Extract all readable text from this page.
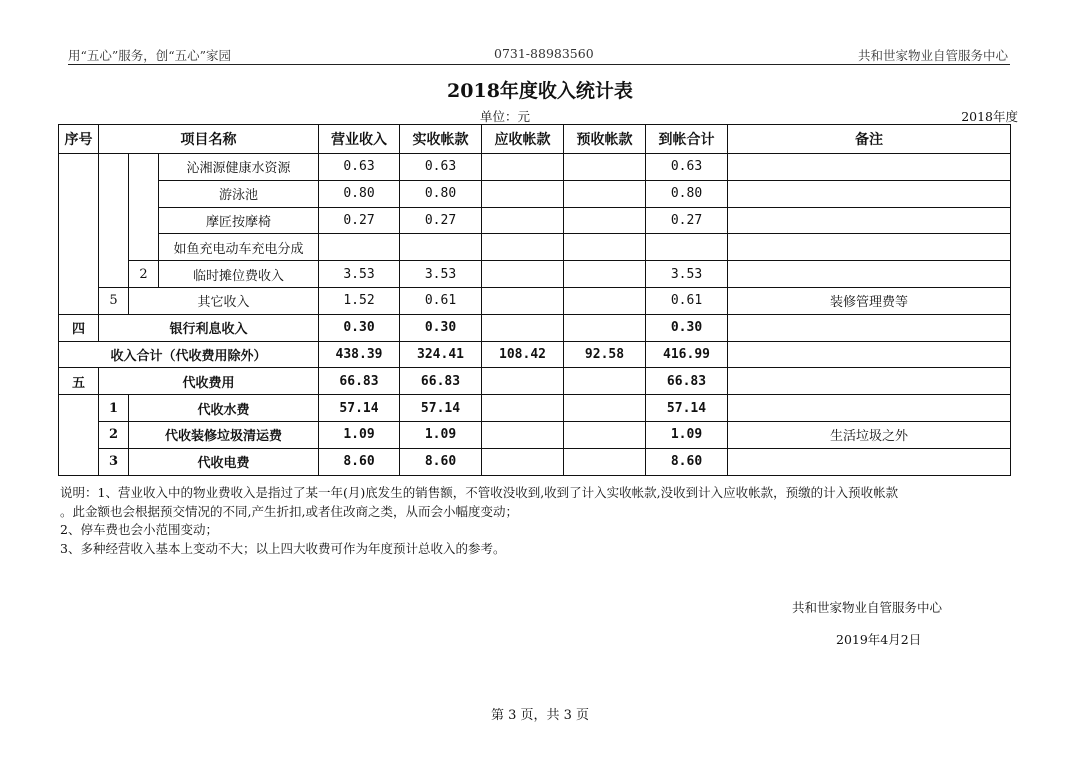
用“五心”服务，创“五心”家园	0731-88983560	共和世家物业自管服务中心
2018年度收入统计表
单位：元	2018年度
序号	项目名称			营业收入	实收帐款	应收帐款	预收帐款	到帐合计	备注
			沁湘源健康水资源	0.63	0.63			0.63	
			游泳池	0.80	0.80			0.80	
			摩匠按摩椅	0.27	0.27			0.27	
			如鱼充电动车充电分成						
		2	临时摊位费收入	3.53	3.53			3.53	
	5	其它收入		1.52	0.61			0.61	装修管理费等
四	银行利息收入			0.30	0.30			0.30	
收入合计（代收费用除外）				438.39	324.41	108.42	92.58	416.99	
五	代收费用			66.83	66.83			66.83	
	1	代收水费		57.14	57.14			57.14	
	2	代收装修垃圾清运费		1.09	1.09			1.09	生活垃圾之外
	3	代收电费		8.60	8.60			8.60	
说明：1、营业收入中的物业费收入是指过了某一年(月)底发生的销售额，不管收没收到,收到了计入实收帐款,没收到计入应收帐款，预缴的计入预收帐款
。此金额也会根据预交情况的不同,产生折扣,或者住改商之类，从而会小幅度变动；
2、停车费也会小范围变动；
3、多种经营收入基本上变动不大；以上四大收费可作为年度预计总收入的参考。
共和世家物业自管服务中心
2019年4月2日
第 3 页，共 3 页
